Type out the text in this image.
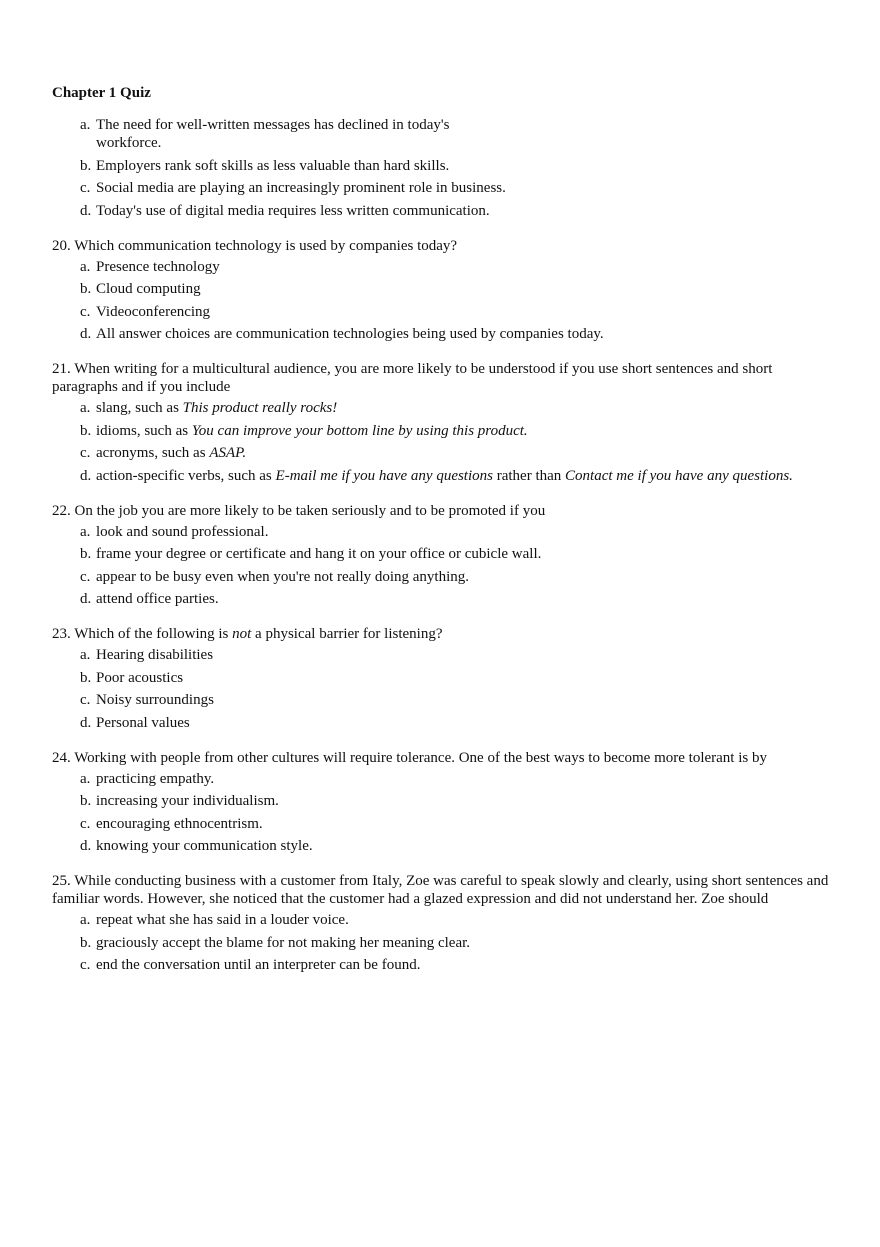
Chapter 1 Quiz
a. The need for well-written messages has declined in today's workforce.
b. Employers rank soft skills as less valuable than hard skills.
c. Social media are playing an increasingly prominent role in business.
d. Today's use of digital media requires less written communication.
20. Which communication technology is used by companies today?
a. Presence technology
b. Cloud computing
c. Videoconferencing
d. All answer choices are communication technologies being used by companies today.
21. When writing for a multicultural audience, you are more likely to be understood if you use short sentences and short paragraphs and if you include
a. slang, such as This product really rocks!
b. idioms, such as You can improve your bottom line by using this product.
c. acronyms, such as ASAP.
d. action-specific verbs, such as E-mail me if you have any questions rather than Contact me if you have any questions.
22. On the job you are more likely to be taken seriously and to be promoted if you
a. look and sound professional.
b. frame your degree or certificate and hang it on your office or cubicle wall.
c. appear to be busy even when you're not really doing anything.
d. attend office parties.
23. Which of the following is not a physical barrier for listening?
a. Hearing disabilities
b. Poor acoustics
c. Noisy surroundings
d. Personal values
24. Working with people from other cultures will require tolerance. One of the best ways to become more tolerant is by
a. practicing empathy.
b. increasing your individualism.
c. encouraging ethnocentrism.
d. knowing your communication style.
25. While conducting business with a customer from Italy, Zoe was careful to speak slowly and clearly, using short sentences and familiar words. However, she noticed that the customer had a glazed expression and did not understand her. Zoe should
a. repeat what she has said in a louder voice.
b. graciously accept the blame for not making her meaning clear.
c. end the conversation until an interpreter can be found.
